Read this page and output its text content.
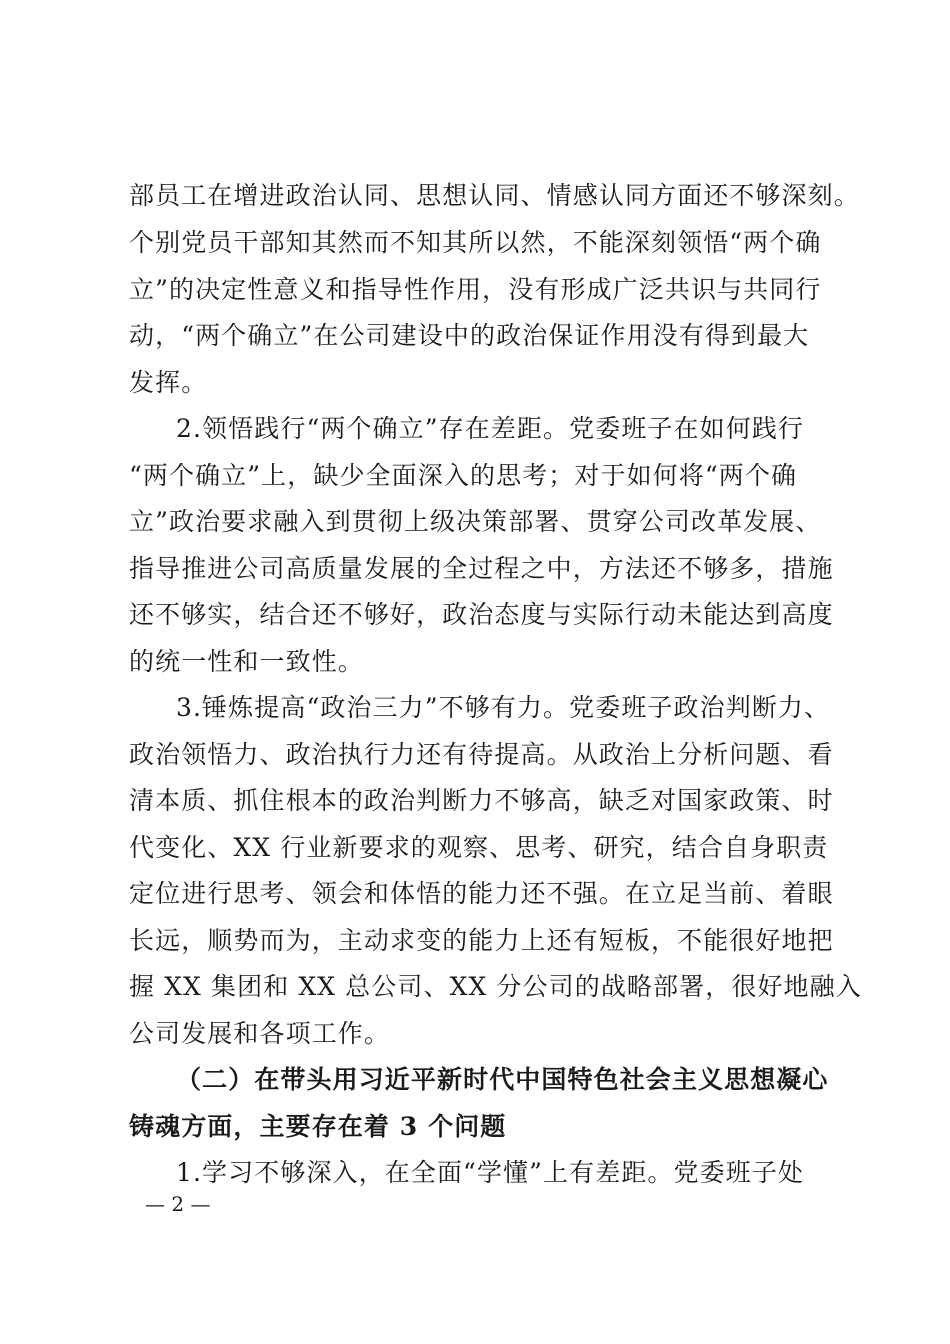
部员工在增进政治认同、思想认同、情感认同方面还不够深刻。
个别党员干部知其然而不知其所以然，不能深刻领悟“两个确
立”的决定性意义和指导性作用，没有形成广泛共识与共同行
动，“两个确立”在公司建设中的政治保证作用没有得到最大
发挥。
2.领悟践行“两个确立”存在差距。党委班子在如何践行
“两个确立”上，缺少全面深入的思考；对于如何将“两个确
立”政治要求融入到贯彻上级决策部署、贯穿公司改革发展、
指导推进公司高质量发展的全过程之中，方法还不够多，措施
还不够实，结合还不够好，政治态度与实际行动未能达到高度
的统一性和一致性。
3.锤炼提高“政治三力”不够有力。党委班子政治判断力、
政治领悟力、政治执行力还有待提高。从政治上分析问题、看
清本质、抓住根本的政治判断力不够高，缺乏对国家政策、时
代变化、XX 行业新要求的观察、思考、研究，结合自身职责
定位进行思考、领会和体悟的能力还不强。在立足当前、着眼
长远，顺势而为，主动求变的能力上还有短板，不能很好地把
握 XX 集团和 XX 总公司、XX 分公司的战略部署，很好地融入
公司发展和各项工作。
（二）在带头用习近平新时代中国特色社会主义思想凝心
铸魂方面，主要存在着 3 个问题
1.学习不够深入，在全面“学懂”上有差距。党委班子处
— 2 —
